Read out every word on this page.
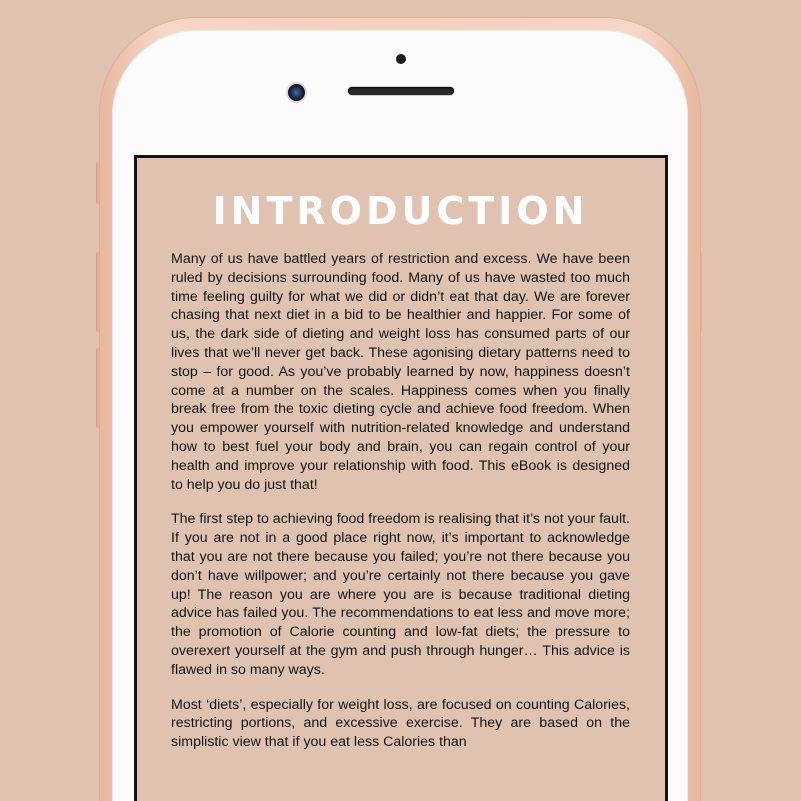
INTRODUCTION

Many of us have battled years of restriction and excess. We have been ruled by decisions surrounding food. Many of us have wasted too much time feeling guilty for what we did or didn’t eat that day. We are forever chasing that next diet in a bid to be healthier and happier. For some of us, the dark side of dieting and weight loss has consumed parts of our lives that we’ll never get back. These agonising dietary patterns need to stop – for good. As you’ve probably learned by now, happiness doesn’t come at a number on the scales. Happiness comes when you finally break free from the toxic dieting cycle and achieve food freedom. When you empower yourself with nutrition-related knowledge and understand how to best fuel your body and brain, you can regain control of your health and improve your relationship with food. This eBook is designed to help you do just that!

The first step to achieving food freedom is realising that it’s not your fault. If you are not in a good place right now, it’s important to acknowledge that you are not there because you failed; you’re not there because you don’t have willpower; and you’re certainly not there because you gave up! The reason you are where you are is because traditional dieting advice has failed you. The recommendations to eat less and move more; the promotion of Calorie counting and low-fat diets; the pressure to overexert yourself at the gym and push through hunger… This advice is flawed in so many ways.

Most ‘diets’, especially for weight loss, are focused on counting Calories, restricting portions, and excessive exercise. They are based on the simplistic view that if you eat less Calories than
